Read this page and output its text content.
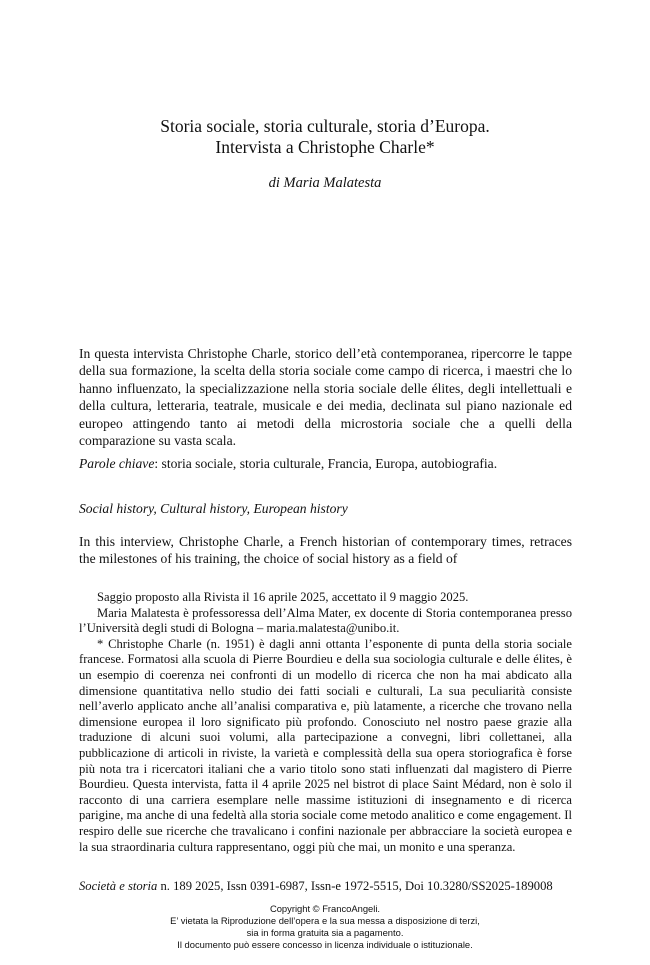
Storia sociale, storia culturale, storia d’Europa.
Intervista a Christophe Charle*
di Maria Malatesta
In questa intervista Christophe Charle, storico dell’età contemporanea, ripercorre le tappe della sua formazione, la scelta della storia sociale come campo di ricerca, i maestri che lo hanno influenzato, la specializzazione nella storia sociale delle élites, degli intellettuali e della cultura, letteraria, teatrale, musicale e dei media, declinata sul piano nazionale ed europeo attingendo tanto ai metodi della microstoria sociale che a quelli della comparazione su vasta scala.
Parole chiave: storia sociale, storia culturale, Francia, Europa, autobiografia.
Social history, Cultural history, European history
In this interview, Christophe Charle, a French historian of contemporary times, retraces the milestones of his training, the choice of social history as a field of

Saggio proposto alla Rivista il 16 aprile 2025, accettato il 9 maggio 2025.

Maria Malatesta è professoressa dell’Alma Mater, ex docente di Storia contemporanea presso l’Università degli studi di Bologna – maria.malatesta@unibo.it.

* Christophe Charle (n. 1951) è dagli anni ottanta l’esponente di punta della storia sociale francese. Formatosi alla scuola di Pierre Bourdieu e della sua sociologia culturale e delle élites, è un esempio di coerenza nei confronti di un modello di ricerca che non ha mai abdicato alla dimensione quantitativa nello studio dei fatti sociali e culturali, La sua peculiarità consiste nell’averlo applicato anche all’analisi comparativa e, più latamente, a ricerche che trovano nella dimensione europea il loro significato più profondo. Conosciuto nel nostro paese grazie alla traduzione di alcuni suoi volumi, alla partecipazione a convegni, libri collettanei, alla pubblicazione di articoli in riviste, la varietà e complessità della sua opera storiografica è forse più nota tra i ricercatori italiani che a vario titolo sono stati influenzati dal magistero di Pierre Bourdieu. Questa intervista, fatta il 4 aprile 2025 nel bistrot di place Saint Médard, non è solo il racconto di una carriera esemplare nelle massime istituzioni di insegnamento e di ricerca parigine, ma anche di una fedeltà alla storia sociale come metodo analitico e come engagement. Il respiro delle sue ricerche che travalicano i confini nazionale per abbracciare la società europea e la sua straordinaria cultura rappresentano, oggi più che mai, un monito e una speranza.

Società e storia n. 189 2025, Issn 0391-6987, Issn-e 1972-5515, Doi 10.3280/SS2025-189008
Copyright © FrancoAngeli.
E’ vietata la Riproduzione dell’opera e la sua messa a disposizione di terzi,
sia in forma gratuita sia a pagamento.
Il documento può essere concesso in licenza individuale o istituzionale.
